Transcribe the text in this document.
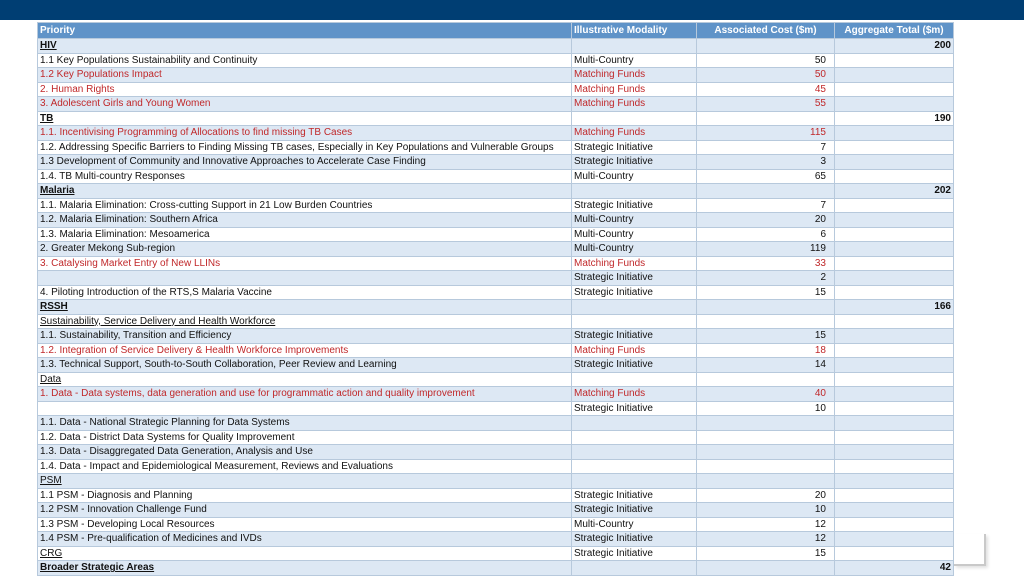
Priority	Illustrative Modality	Associated Cost ($m)	Aggregate Total ($m)
HIV			200
1.1 Key Populations Sustainability and Continuity	Multi-Country	50	
1.2 Key Populations Impact	Matching Funds	50	
2. Human Rights	Matching Funds	45	
3. Adolescent Girls and Young Women	Matching Funds	55	
TB			190
1.1. Incentivising Programming of Allocations to find missing TB Cases	Matching Funds	115	
1.2. Addressing Specific Barriers to Finding Missing TB cases, Especially in Key Populations and Vulnerable Groups	Strategic Initiative	7	
1.3 Development of Community and Innovative Approaches to Accelerate Case Finding	Strategic Initiative	3	
1.4. TB Multi-country Responses	Multi-Country	65	
Malaria			202
1.1. Malaria Elimination: Cross-cutting Support in 21 Low Burden Countries	Strategic Initiative	7	
1.2. Malaria Elimination: Southern Africa	Multi-Country	20	
1.3. Malaria Elimination: Mesoamerica	Multi-Country	6	
2. Greater Mekong Sub-region	Multi-Country	119	
3. Catalysing Market Entry of New LLINs	Matching Funds	33	
	Strategic Initiative	2	
4. Piloting Introduction of the RTS,S Malaria Vaccine	Strategic Initiative	15	
RSSH			166
Sustainability, Service Delivery and Health Workforce			
1.1. Sustainability, Transition and Efficiency	Strategic Initiative	15	
1.2. Integration of Service Delivery & Health Workforce Improvements	Matching Funds	18	
1.3. Technical Support, South-to-South Collaboration, Peer Review and Learning	Strategic Initiative	14	
Data			
1. Data - Data systems, data generation and use for programmatic action and quality improvement	Matching Funds	40	
	Strategic Initiative	10	
1.1. Data - National Strategic Planning for Data Systems			
1.2. Data - District Data Systems for Quality Improvement			
1.3. Data - Disaggregated Data Generation, Analysis and Use			
1.4. Data - Impact and Epidemiological Measurement, Reviews and Evaluations			
PSM			
1.1 PSM - Diagnosis and Planning	Strategic Initiative	20	
1.2 PSM - Innovation Challenge Fund	Strategic Initiative	10	
1.3 PSM - Developing Local Resources	Multi-Country	12	
1.4 PSM - Pre-qualification of Medicines and IVDs	Strategic Initiative	12	
CRG	Strategic Initiative	15	
Broader Strategic Areas			42
